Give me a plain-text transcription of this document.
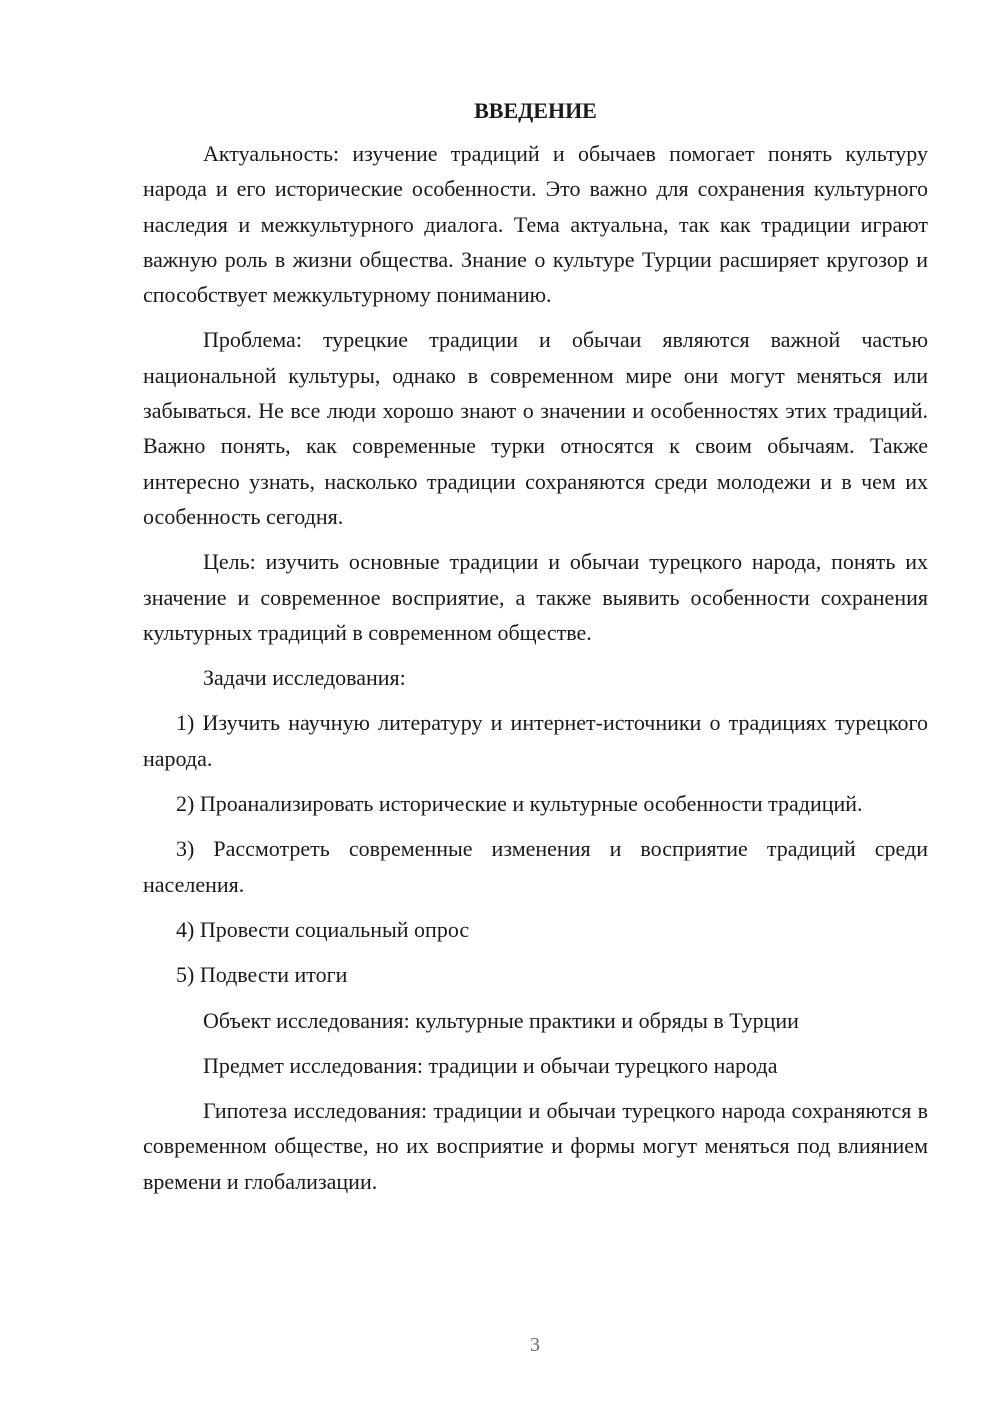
ВВЕДЕНИЕ

Актуальность: изучение традиций и обычаев помогает понять культуру народа и его исторические особенности. Это важно для сохранения культурного наследия и межкультурного диалога. Тема актуальна, так как традиции играют важную роль в жизни общества. Знание о культуре Турции расширяет кругозор и способствует межкультурному пониманию.

Проблема: турецкие традиции и обычаи являются важной частью национальной культуры, однако в современном мире они могут меняться или забываться. Не все люди хорошо знают о значении и особенностях этих традиций. Важно понять, как современные турки относятся к своим обычаям. Также интересно узнать, насколько традиции сохраняются среди молодежи и в чем их особенность сегодня.

Цель: изучить основные традиции и обычаи турецкого народа, понять их значение и современное восприятие, а также выявить особенности сохранения культурных традиций в современном обществе.

Задачи исследования:

1) Изучить научную литературу и интернет-источники о традициях турецкого народа.

2) Проанализировать исторические и культурные особенности традиций.

3) Рассмотреть современные изменения и восприятие традиций среди населения.

4) Провести социальный опрос

5) Подвести итоги

Объект исследования: культурные практики и обряды в Турции

Предмет исследования: традиции и обычаи турецкого народа

Гипотеза исследования: традиции и обычаи турецкого народа сохраняются в современном обществе, но их восприятие и формы могут меняться под влиянием времени и глобализации.

3
